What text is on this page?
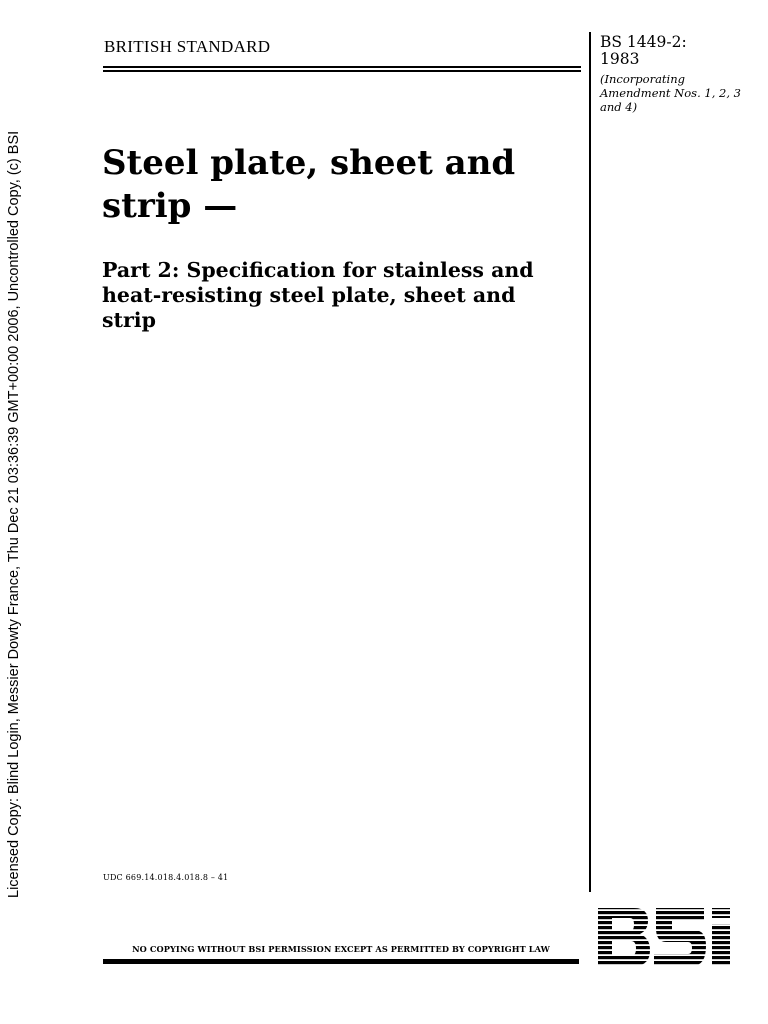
Licensed Copy: Blind Login, Messier Dowty France, Thu Dec 21 03:36:39 GMT+00:00 2006, Uncontrolled Copy, (c) BSI
BRITISH STANDARD	BS 1449-2:
1983
(Incorporating Amendment Nos. 1, 2, 3 and 4)
Steel plate, sheet and strip —
Part 2: Specification for stainless and heat-resisting steel plate, sheet and strip
UDC 669.14.018.4.018.8 – 41
NO COPYING WITHOUT BSI PERMISSION EXCEPT AS PERMITTED BY COPYRIGHT LAW
